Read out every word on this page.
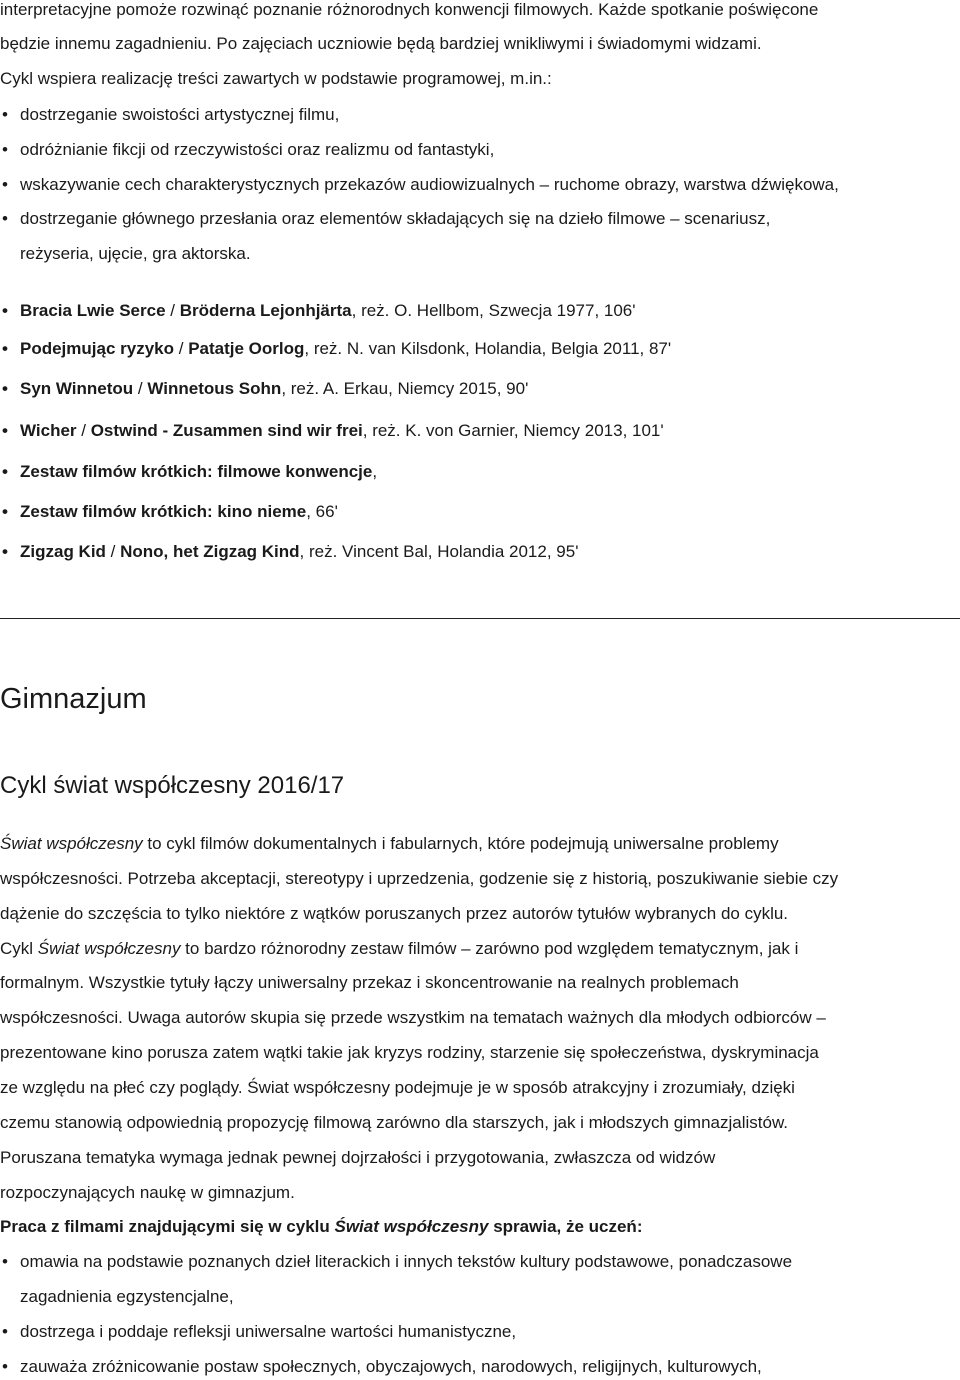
interpretacyjne pomoże rozwinąć poznanie różnorodnych konwencji filmowych. Każde spotkanie poświęcone
będzie innemu zagadnieniu. Po zajęciach uczniowie będą bardziej wnikliwymi i świadomymi widzami.
Cykl wspiera realizację treści zawartych w podstawie programowej, m.in.:
• dostrzeganie swoistości artystycznej filmu,
• odróżnianie fikcji od rzeczywistości oraz realizmu od fantastyki,
• wskazywanie cech charakterystycznych przekazów audiowizualnych – ruchome obrazy, warstwa dźwiękowa,
• dostrzeganie głównego przesłania oraz elementów składających się na dzieło filmowe – scenariusz,
reżyseria, ujęcie, gra aktorska.
• Bracia Lwie Serce / Bröderna Lejonhjärta, reż. O. Hellbom, Szwecja 1977, 106'
• Podejmując ryzyko / Patatje Oorlog, reż. N. van Kilsdonk, Holandia, Belgia 2011, 87'
• Syn Winnetou / Winnetous Sohn, reż. A. Erkau, Niemcy 2015, 90'
• Wicher / Ostwind - Zusammen sind wir frei, reż. K. von Garnier, Niemcy 2013, 101'
• Zestaw filmów krótkich: filmowe konwencje,
• Zestaw filmów krótkich: kino nieme, 66'
• Zigzag Kid / Nono, het Zigzag Kind, reż. Vincent Bal, Holandia 2012, 95'
Gimnazjum
Cykl świat współczesny 2016/17
Świat współczesny to cykl filmów dokumentalnych i fabularnych, które podejmują uniwersalne problemy
współczesności. Potrzeba akceptacji, stereotypy i uprzedzenia, godzenie się z historią, poszukiwanie siebie czy
dążenie do szczęścia to tylko niektóre z wątków poruszanych przez autorów tytułów wybranych do cyklu.
Cykl Świat współczesny to bardzo różnorodny zestaw filmów – zarówno pod względem tematycznym, jak i
formalnym. Wszystkie tytuły łączy uniwersalny przekaz i skoncentrowanie na realnych problemach
współczesności. Uwaga autorów skupia się przede wszystkim na tematach ważnych dla młodych odbiorców –
prezentowane kino porusza zatem wątki takie jak kryzys rodziny, starzenie się społeczeństwa, dyskryminacja
ze względu na płeć czy poglądy. Świat współczesny podejmuje je w sposób atrakcyjny i zrozumiały, dzięki
czemu stanowią odpowiednią propozycję filmową zarówno dla starszych, jak i młodszych gimnazjalistów.
Poruszana tematyka wymaga jednak pewnej dojrzałości i przygotowania, zwłaszcza od widzów
rozpoczynających naukę w gimnazjum.
Praca z filmami znajdującymi się w cyklu Świat współczesny sprawia, że uczeń:
• omawia na podstawie poznanych dzieł literackich i innych tekstów kultury podstawowe, ponadczasowe
zagadnienia egzystencjalne,
• dostrzega i poddaje refleksji uniwersalne wartości humanistyczne,
• zauważa zróżnicowanie postaw społecznych, obyczajowych, narodowych, religijnych, kulturowych,
